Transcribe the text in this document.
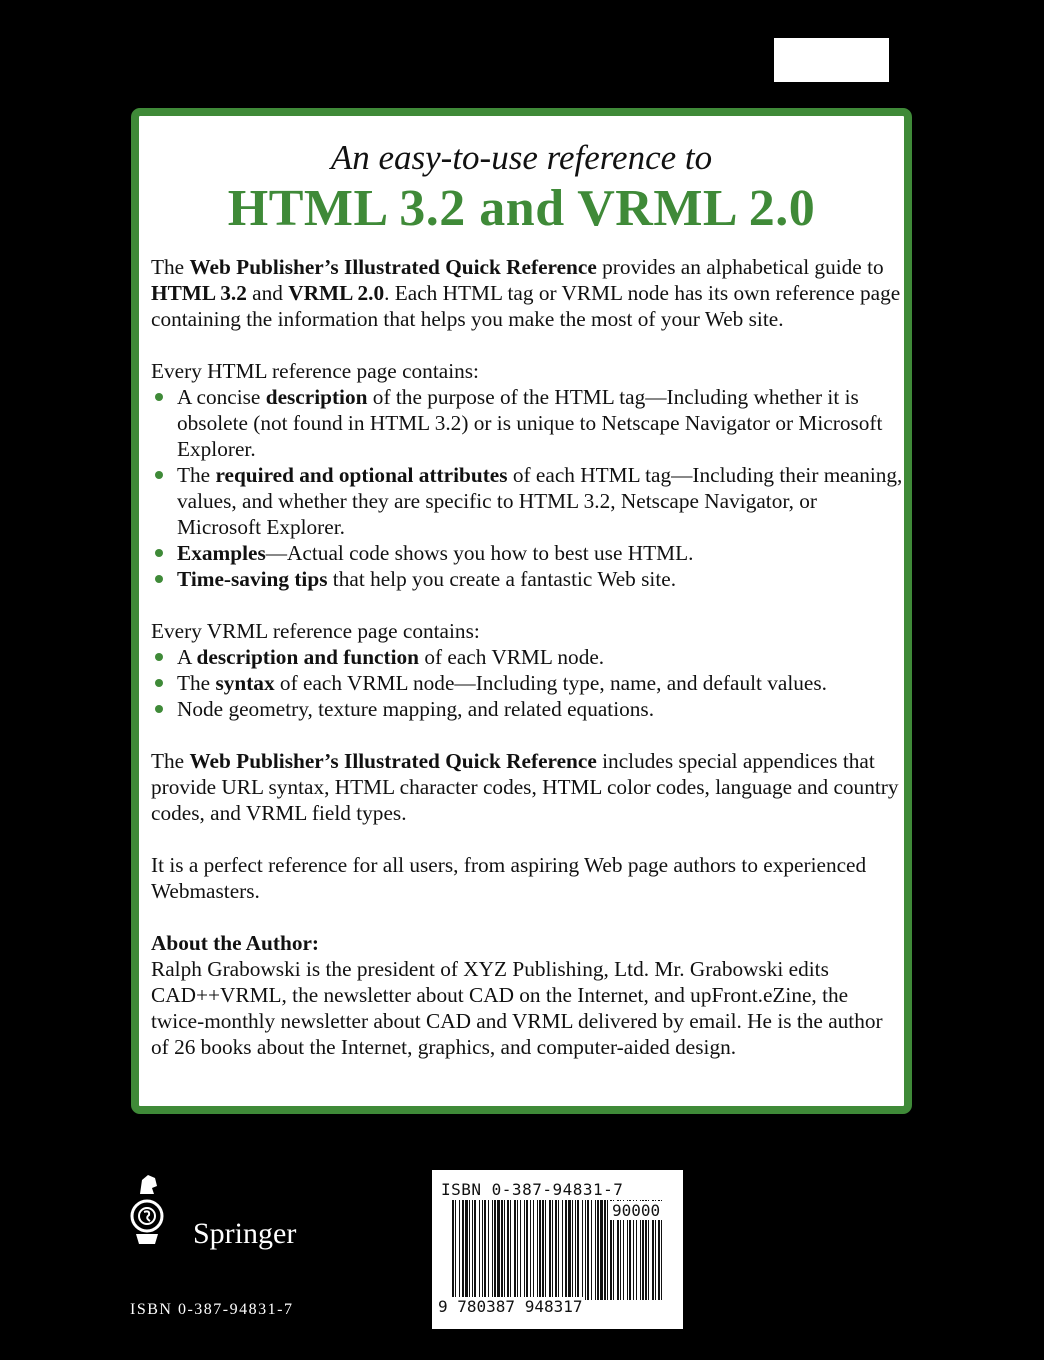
An easy-to-use reference to
HTML 3.2 and VRML 2.0

The Web Publisher’s Illustrated Quick Reference provides an alphabetical guide to HTML 3.2 and VRML 2.0. Each HTML tag or VRML node has its own reference page containing the information that helps you make the most of your Web site.

Every HTML reference page contains:

A concise description of the purpose of the HTML tag—Including whether it is obsolete (not found in HTML 3.2) or is unique to Netscape Navigator or Microsoft Explorer.
The required and optional attributes of each HTML tag—Including their meaning, values, and whether they are specific to HTML 3.2, Netscape Navigator, or Microsoft Explorer.
Examples—Actual code shows you how to best use HTML.
Time-saving tips that help you create a fantastic Web site.

Every VRML reference page contains:

A description and function of each VRML node.
The syntax of each VRML node—Including type, name, and default values.
Node geometry, texture mapping, and related equations.

The Web Publisher’s Illustrated Quick Reference includes special appendices that provide URL syntax, HTML character codes, HTML color codes, language and country codes, and VRML field types.

It is a perfect reference for all users, from aspiring Web page authors to experienced Webmasters.

About the Author:

Ralph Grabowski is the president of XYZ Publishing, Ltd. Mr. Grabowski edits CAD++VRML, the newsletter about CAD on the Internet, and upFront.eZine, the twice-monthly newsletter about CAD and VRML delivered by email. He is the author of 26 books about the Internet, graphics, and computer-aided design.

Springer
ISBN 0-387-94831-7
ISBN 0-387-94831-7
90000
9 780387 948317
